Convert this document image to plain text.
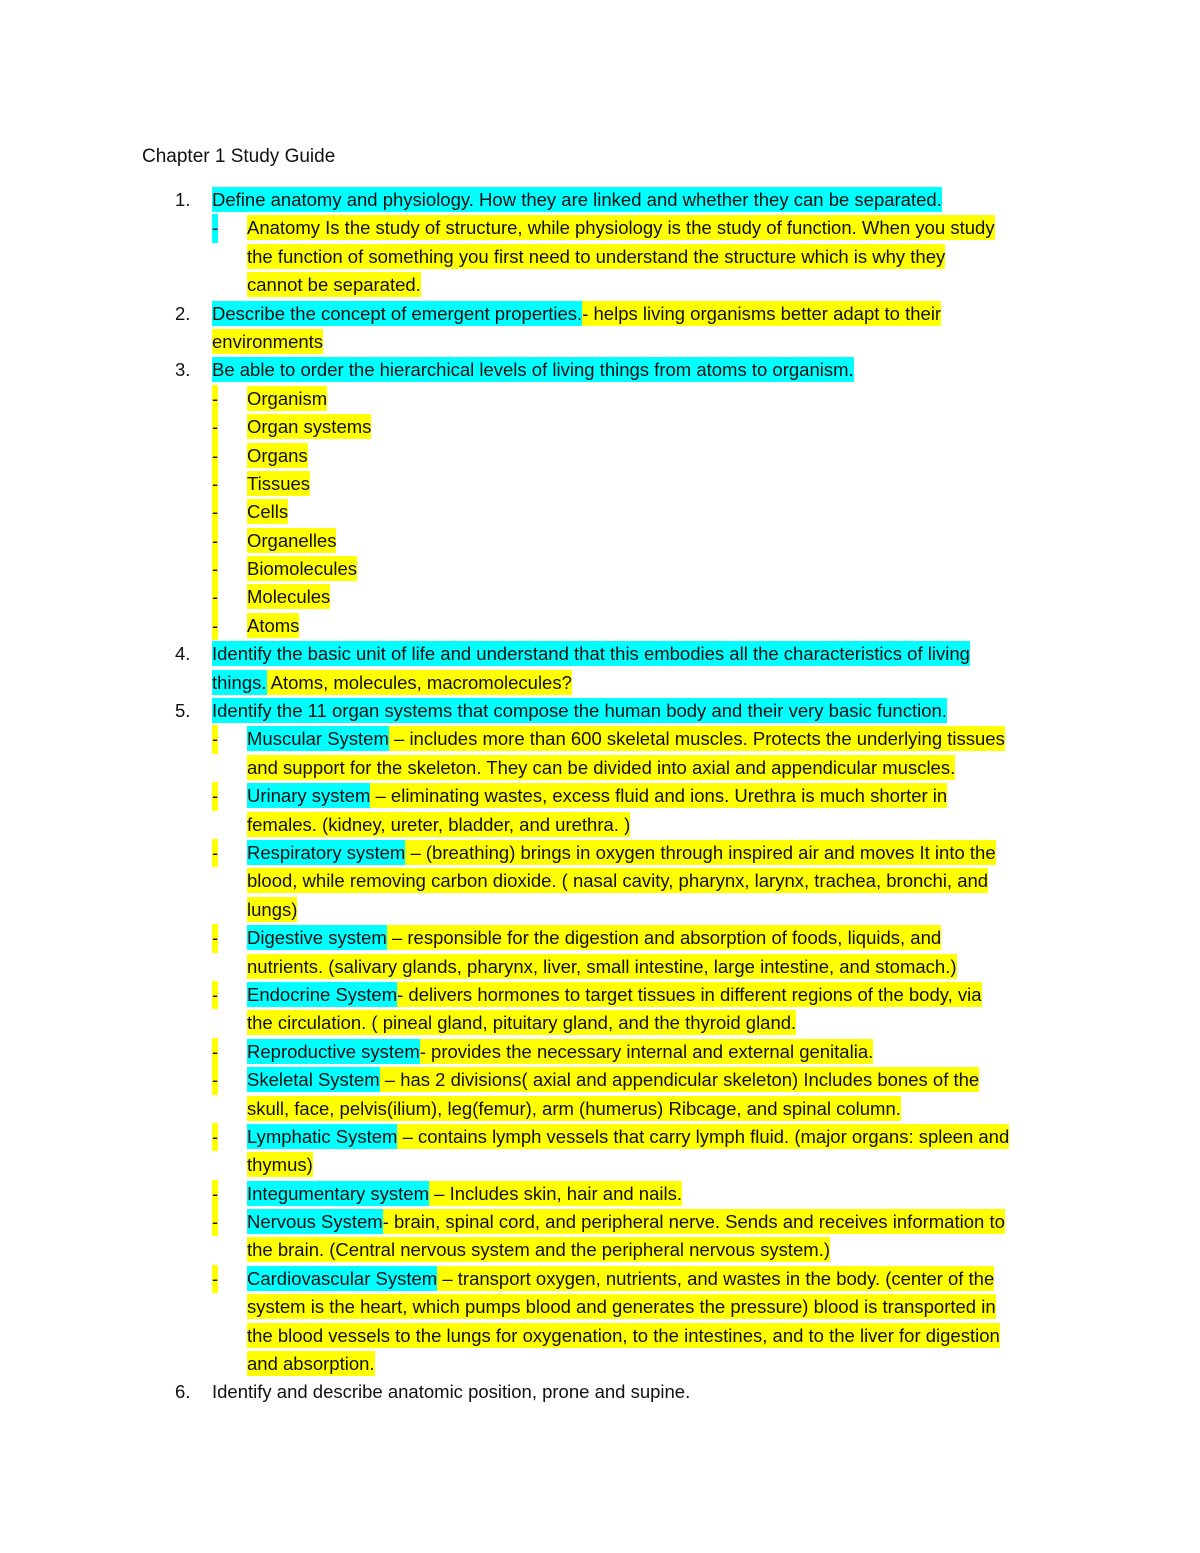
Chapter 1 Study Guide
1. Define anatomy and physiology. How they are linked and whether they can be separated.
- Anatomy Is the study of structure, while physiology is the study of function. When you study
the function of something you first need to understand the structure which is why they
cannot be separated.
2. Describe the concept of emergent properties.- helps living organisms better adapt to their
environments
3. Be able to order the hierarchical levels of living things from atoms to organism.
- Organism
- Organ systems
- Organs
- Tissues
- Cells
- Organelles
- Biomolecules
- Molecules
- Atoms
4. Identify the basic unit of life and understand that this embodies all the characteristics of living
things. Atoms, molecules, macromolecules?
5. Identify the 11 organ systems that compose the human body and their very basic function.
- Muscular System – includes more than 600 skeletal muscles. Protects the underlying tissues
and support for the skeleton. They can be divided into axial and appendicular muscles.
- Urinary system – eliminating wastes, excess fluid and ions. Urethra is much shorter in
females. (kidney, ureter, bladder, and urethra. )
- Respiratory system – (breathing) brings in oxygen through inspired air and moves It into the
blood, while removing carbon dioxide. ( nasal cavity, pharynx, larynx, trachea, bronchi, and
lungs)
- Digestive system – responsible for the digestion and absorption of foods, liquids, and
nutrients. (salivary glands, pharynx, liver, small intestine, large intestine, and stomach.)
- Endocrine System- delivers hormones to target tissues in different regions of the body, via
the circulation. ( pineal gland, pituitary gland, and the thyroid gland.
- Reproductive system- provides the necessary internal and external genitalia.
- Skeletal System – has 2 divisions( axial and appendicular skeleton) Includes bones of the
skull, face, pelvis(ilium), leg(femur), arm (humerus) Ribcage, and spinal column.
- Lymphatic System – contains lymph vessels that carry lymph fluid. (major organs: spleen and
thymus)
- Integumentary system – Includes skin, hair and nails.
- Nervous System- brain, spinal cord, and peripheral nerve. Sends and receives information to
the brain. (Central nervous system and the peripheral nervous system.)
- Cardiovascular System – transport oxygen, nutrients, and wastes in the body. (center of the
system is the heart, which pumps blood and generates the pressure) blood is transported in
the blood vessels to the lungs for oxygenation, to the intestines, and to the liver for digestion
and absorption.
6. Identify and describe anatomic position, prone and supine.
